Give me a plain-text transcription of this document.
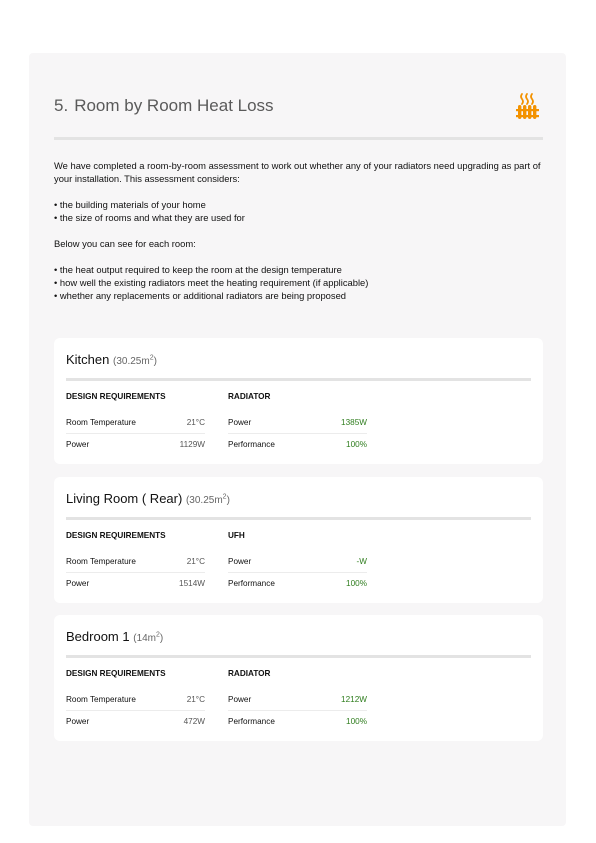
5. Room by Room Heat Loss

We have completed a room-by-room assessment to work out whether any of your radiators need upgrading as part of your installation. This assessment considers:

• the building materials of your home

• the size of rooms and what they are used for

Below you can see for each room:

• the heat output required to keep the room at the design temperature

• how well the existing radiators meet the heating requirement (if applicable)

• whether any replacements or additional radiators are being proposed

Kitchen $(30.25m^2)$
DESIGN REQUIREMENTS
Room Temperature	21°C
Power	1129W
RADIATOR
Power	1385W
Performance	100%
Living Room ( Rear) $(30.25m^2)$
DESIGN REQUIREMENTS
Room Temperature	21°C
Power	1514W
UFH
Power	-W
Performance	100%
Bedroom 1 $(14m^2)$
DESIGN REQUIREMENTS
Room Temperature	21°C
Power	472W
RADIATOR
Power	1212W
Performance	100%
